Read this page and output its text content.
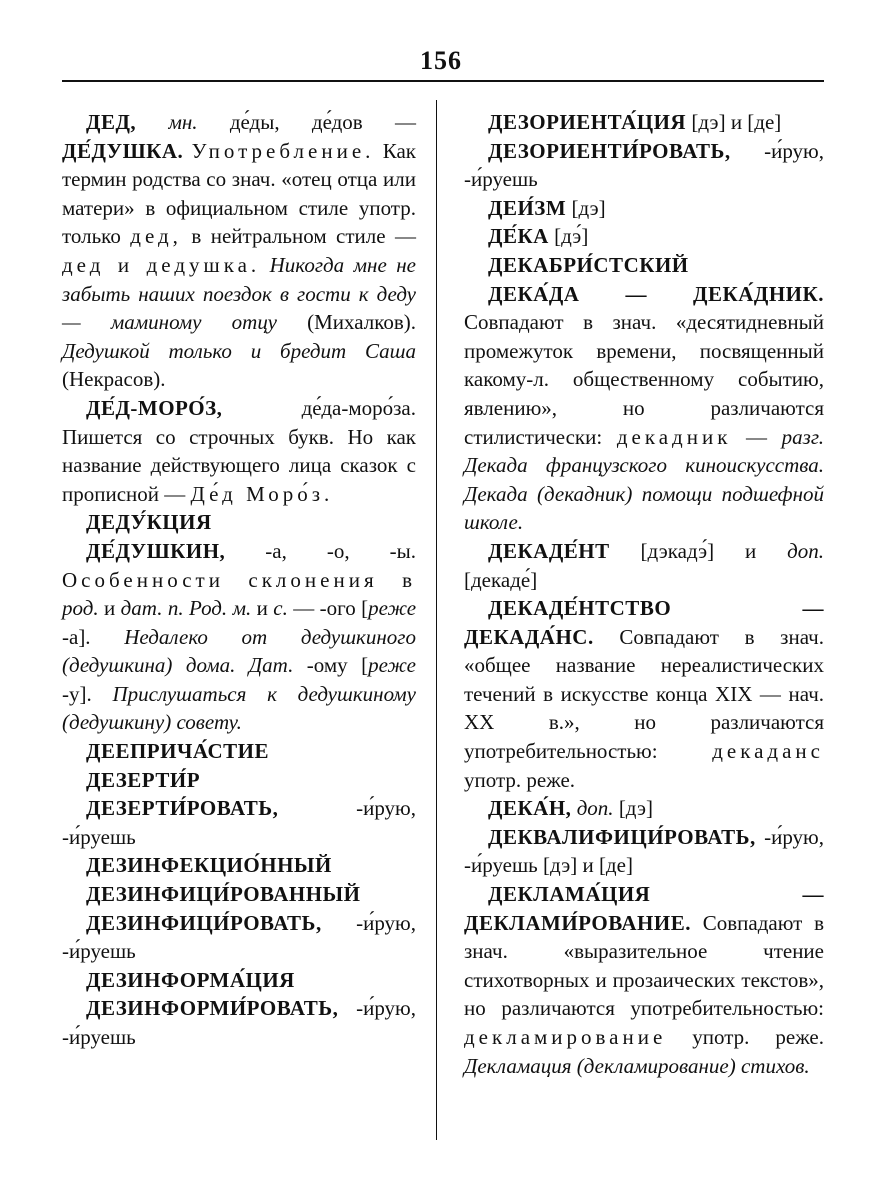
156

ДЕД, мн. де́ды, де́дов — ДЕ́ДУШКА. Употребление. Как термин родства со знач. «отец отца или матери» в официальном стиле употр. только дед, в нейтральном стиле — дед и дедушка. Никогда мне не забыть наших поездок в гости к деду — маминому отцу (Михалков). Дедушкой только и бредит Саша (Некрасов).

ДЕ́Д-МОРО́З,	де́да-моро́за. Пишется со строчных букв. Но как название действующего лица сказок с прописной — Де́д Моро́з.

ДЕДУ́КЦИЯ

ДЕ́ДУШКИН, -а, -о, -ы. Особенности склонения в род. и дат. п. Род. м. и с. — -ого [реже -а]. Недалеко от дедушкиного (дедушкина) дома. Дат. -ому [реже -у]. Прислушаться к дедушкиному (дедушкину) совету.

ДЕЕПРИЧА́СТИЕ

ДЕЗЕРТИ́Р

ДЕЗЕРТИ́РОВАТЬ,	-и́рую, -и́руешь

ДЕЗИНФЕКЦИО́ННЫЙ

ДЕЗИНФИЦИ́РОВАННЫЙ

ДЕЗИНФИЦИ́РОВАТЬ, -и́рую, -и́руешь

ДЕЗИНФОРМА́ЦИЯ

ДЕЗИНФОРМИ́РОВАТЬ, -и́рую, -и́руешь

ДЕЗОРИЕНТА́ЦИЯ [дэ] и [де]

ДЕЗОРИЕНТИ́РОВАТЬ, -и́рую, -и́руешь

ДЕИ́ЗМ [дэ]

ДЕ́КА [дэ́]

ДЕКАБРИ́СТСКИЙ

ДЕКА́ДА — ДЕКА́ДНИК. Совпадают в знач. «десятидневный промежуток времени, посвященный какому-л. общественному событию, явлению», но различаются стилистически: декадник — разг. Декада французского киноискусства. Декада (декадник) помощи подшефной школе.

ДЕКАДЕ́НТ [дэкадэ́] и доп. [декаде́]

ДЕКАДЕ́НТСТВО — ДЕКАДА́НС. Совпадают в знач. «общее название нереалистических течений в искусстве конца XIX — нач. XX в.», но различаются употребительностью:	декаданс употр. реже.

ДЕКА́Н, доп. [дэ]

ДЕКВАЛИФИЦИ́РОВАТЬ, -и́рую, -и́руешь [дэ] и [де]

ДЕКЛАМА́ЦИЯ — ДЕКЛАМИ́РОВАНИЕ. Совпадают в знач. «выразительное чтение стихотворных и прозаических текстов», но различаются употребительностью: декламирование употр. реже. Декламация (декламирование) стихов.
